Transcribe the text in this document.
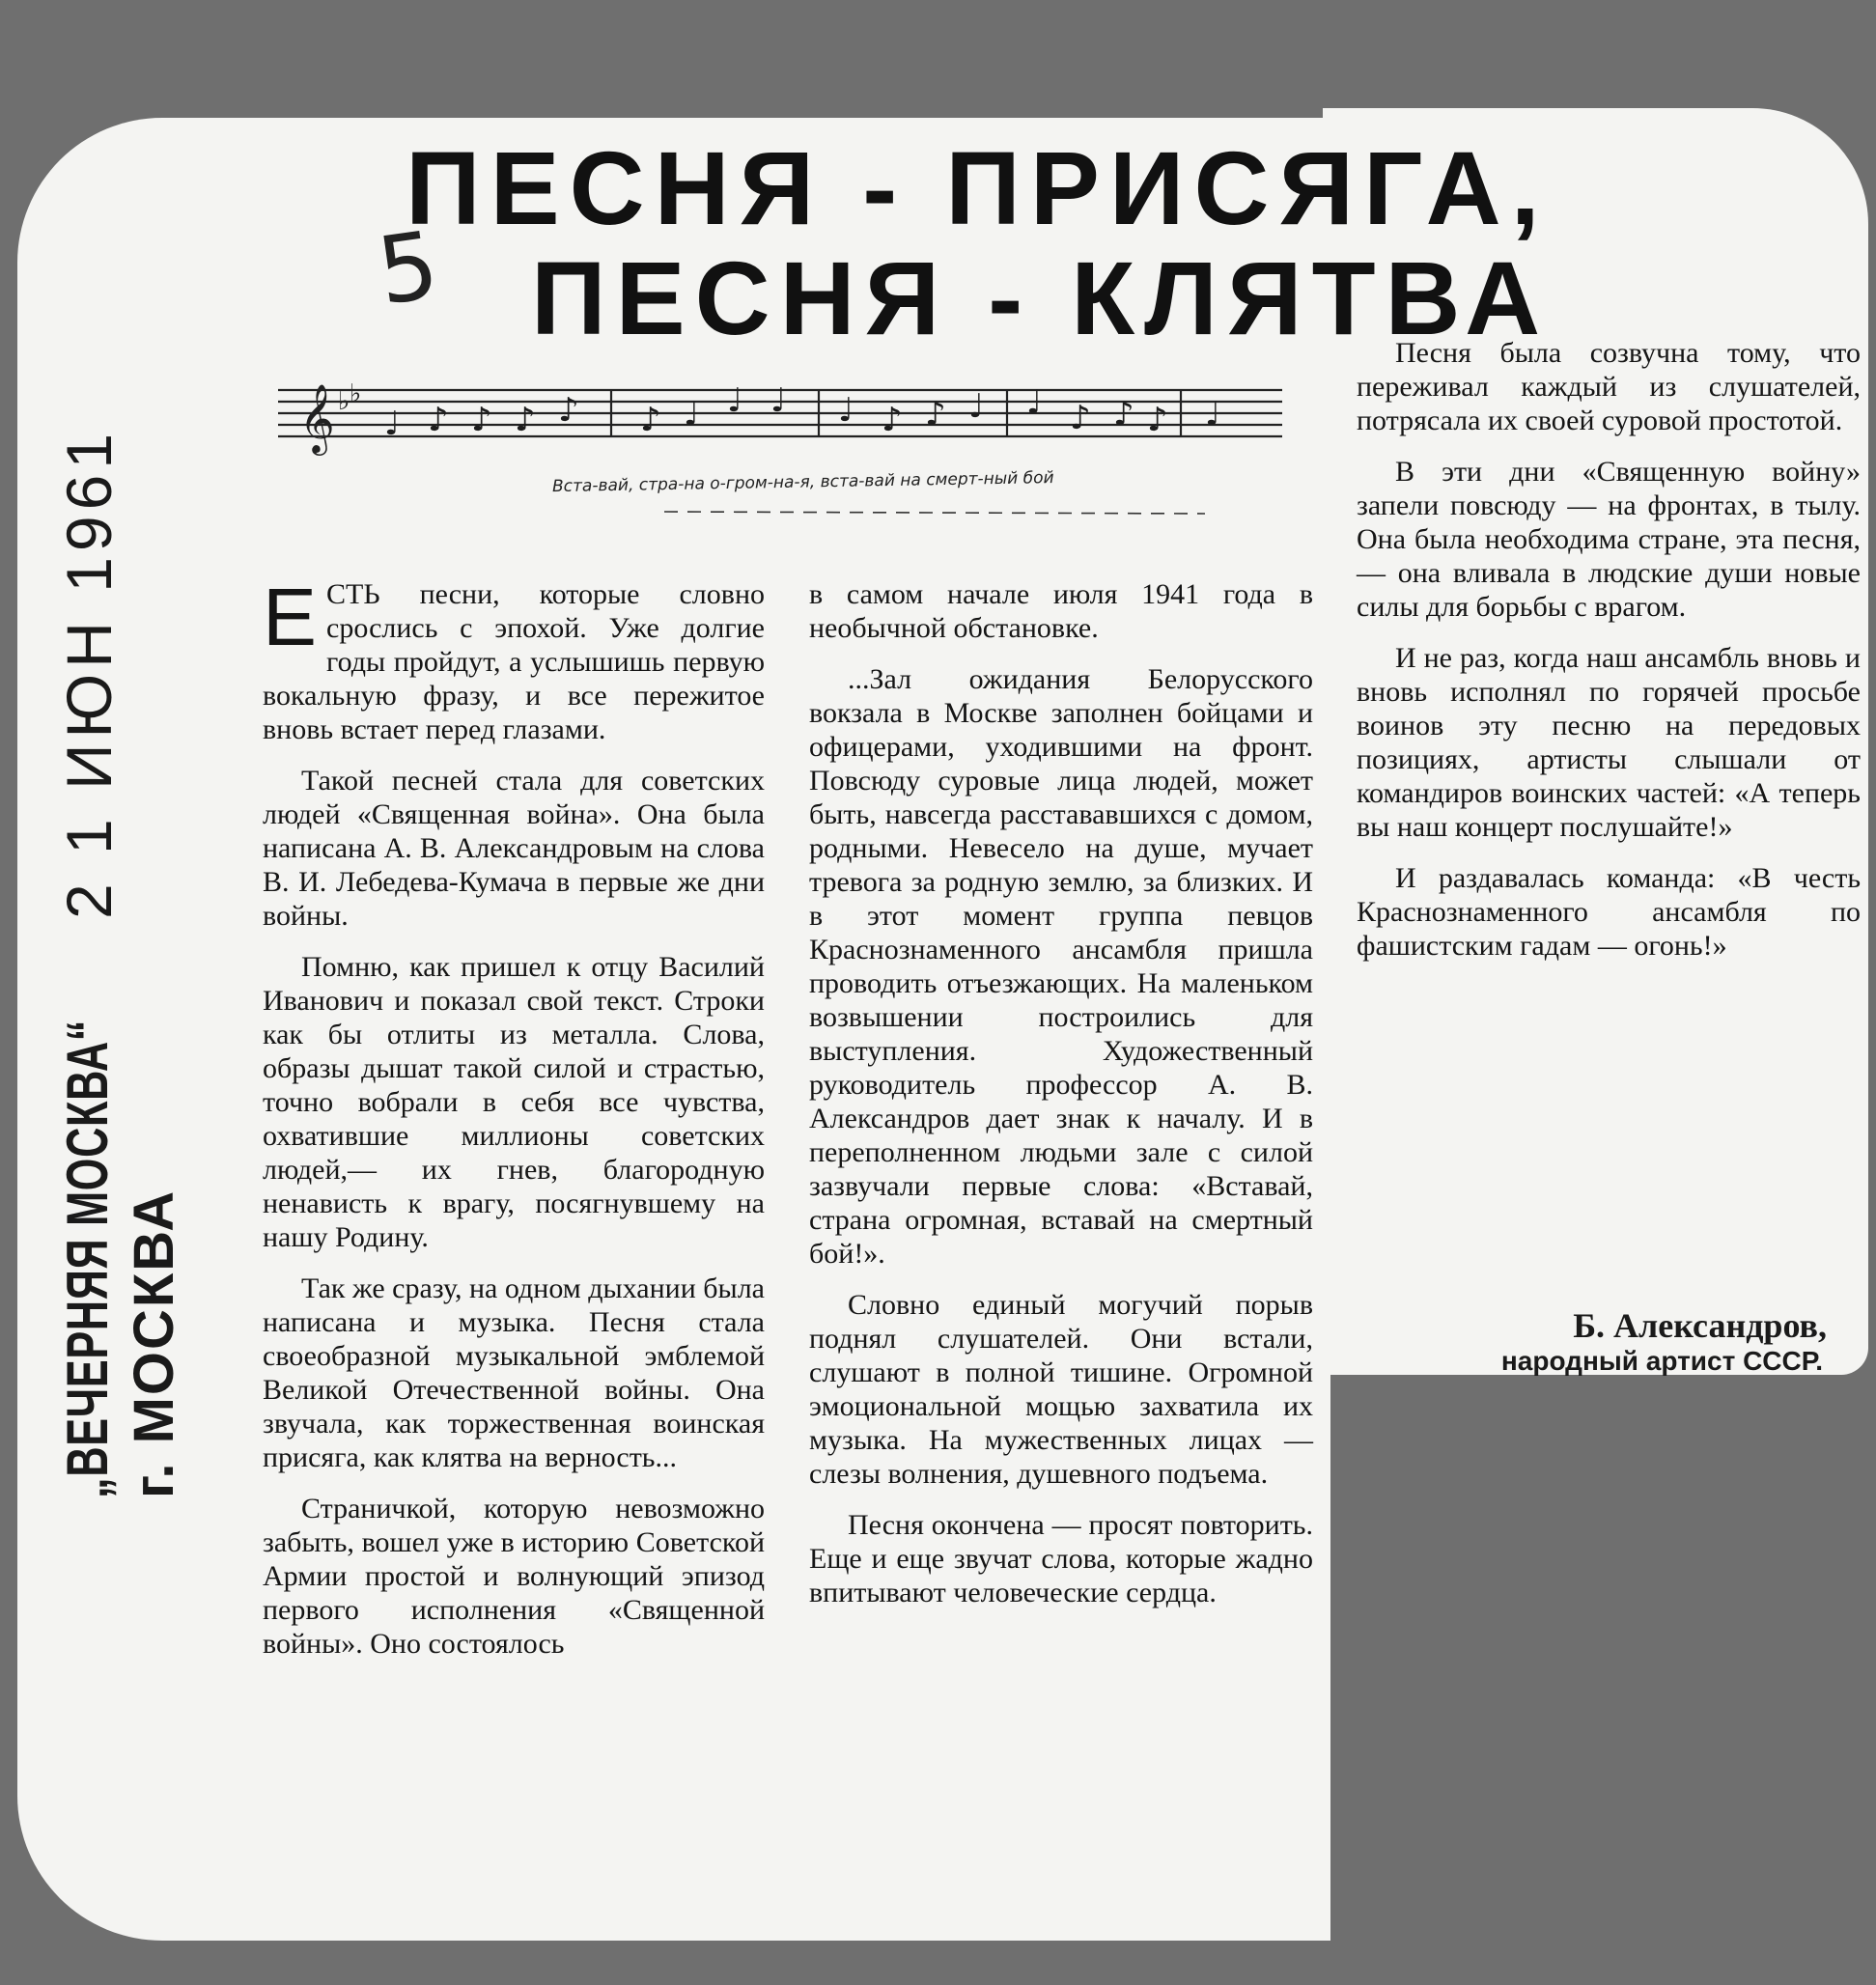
5
ПЕСНЯ - ПРИСЯГА,
ПЕСНЯ - КЛЯТВА
𝄞 ♭ ♭
♩ ♪ ♪ ♪ ♪ ♪ ♩ ♩ ♩ ♩ ♪ ♪ ♩ ♩ ♪ ♪ ♪ ♩
Вста-вай, стра-на о-гром-на-я, вста-вай на смерт-ный бой
„ВЕЧЕРНЯЯ МОСКВА“
2 1 ИЮН 1961
г. МОСКВА

ЕСТЬ песни, которые словно срослись с эпохой. Уже долгие годы пройдут, а услышишь первую вокальную фразу, и все пережитое вновь встает перед глазами.

Такой песней стала для советских людей «Священная война». Она была написана А. В. Александровым на слова В. И. Лебедева-Кумача в первые же дни войны.

Помню, как пришел к отцу Василий Иванович и показал свой текст. Строки как бы отлиты из металла. Слова, образы дышат такой силой и страстью, точно вобрали в себя все чувства, охватившие миллионы советских людей,— их гнев, благородную ненависть к врагу, посягнувшему на нашу Родину.

Так же сразу, на одном дыхании была написана и музыка. Песня стала своеобразной музыкальной эмблемой Великой Отечественной войны. Она звучала, как торжественная воинская присяга, как клятва на верность...

Страничкой, которую невозможно забыть, вошел уже в историю Советской Армии простой и волнующий эпизод первого исполнения «Священной войны». Оно состоялось

в самом начале июля 1941 года в необычной обстановке.

...Зал ожидания Белорусского вокзала в Москве заполнен бойцами и офицерами, уходившими на фронт. Повсюду суровые лица людей, может быть, навсегда расстававшихся с домом, родными. Невесело на душе, мучает тревога за родную землю, за близких. И в этот момент группа певцов Краснознаменного ансамбля пришла проводить отъезжающих. На маленьком возвышении построились для выступления. Художественный руководитель профессор А. В. Александров дает знак к началу. И в переполненном людьми зале с силой зазвучали первые слова: «Вставай, страна огромная, вставай на смертный бой!».

Словно единый могучий порыв поднял слушателей. Они встали, слушают в полной тишине. Огромной эмоциональной мощью захватила их музыка. На мужественных лицах — слезы волнения, душевного подъема.

Песня окончена — просят повторить. Еще и еще звучат слова, которые жадно впитывают человеческие сердца.

Песня была созвучна тому, что переживал каждый из слушателей, потрясала их своей суровой простотой.

В эти дни «Священную войну» запели повсюду — на фронтах, в тылу. Она была необходима стране, эта песня, — она вливала в людские души новые силы для борьбы с врагом.

И не раз, когда наш ансамбль вновь и вновь исполнял по горячей просьбе воинов эту песню на передовых позициях, артисты слышали от командиров воинских частей: «А теперь вы наш концерт послушайте!»

И раздавалась команда: «В честь Краснознаменного ансамбля по фашистским гадам — огонь!»

Б. Александров,
народный артист СССР.
